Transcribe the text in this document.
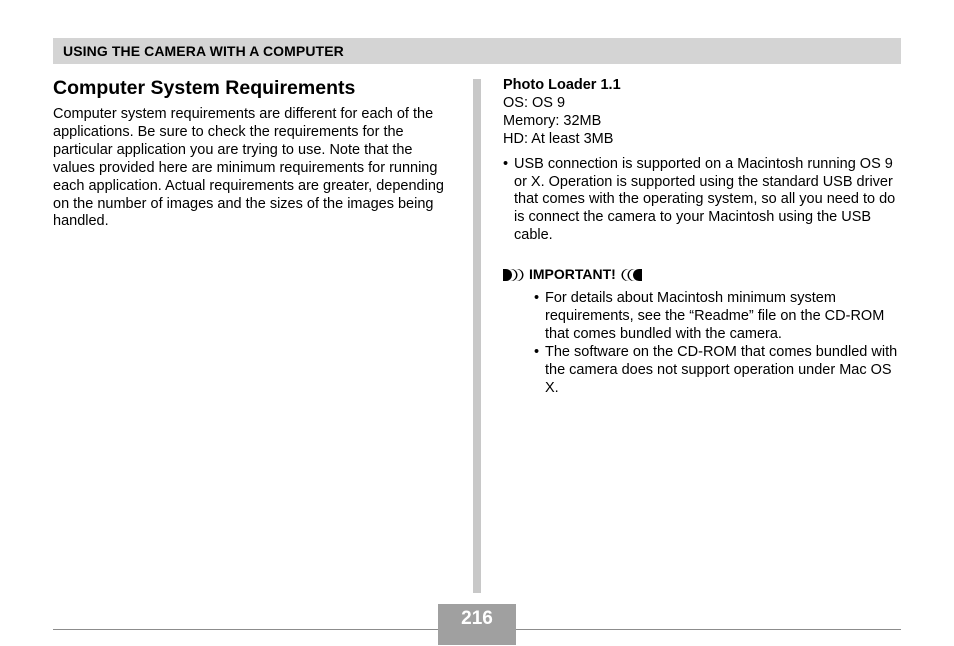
USING THE CAMERA WITH A COMPUTER
Computer System Requirements
Computer system requirements are different for each of the applications. Be sure to check the requirements for the particular application you are trying to use. Note that the values provided here are minimum requirements for running each application. Actual requirements are greater, depending on the number of images and the sizes of the images being handled.
Photo Loader 1.1
OS: OS 9
Memory: 32MB
HD: At least 3MB
• USB connection is supported on a Macintosh running OS 9 or X. Operation is supported using the standard USB driver that comes with the operating system, so all you need to do is connect the camera to your Macintosh using the USB cable.
IMPORTANT!
• For details about Macintosh minimum system requirements, see the “Readme” file on the CD-ROM that comes bundled with the camera.
• The software on the CD-ROM that comes bundled with the camera does not support operation under Mac OS X.
216
